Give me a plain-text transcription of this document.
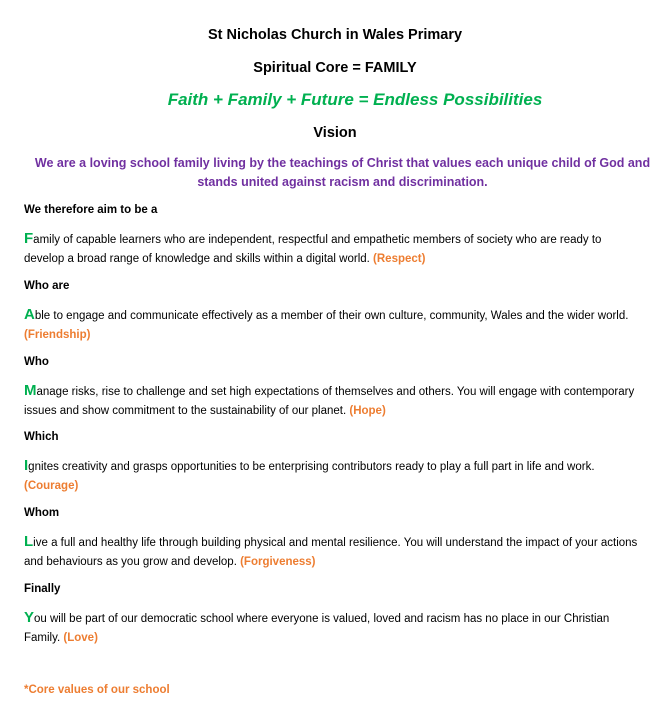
St Nicholas Church in Wales Primary
Spiritual Core = FAMILY
Faith + Family + Future = Endless Possibilities
Vision
We are a loving school family living by the teachings of Christ that values each unique child of God and stands united against racism and discrimination.
We therefore aim to be a
Family of capable learners who are independent, respectful and empathetic members of society who are ready to develop a broad range of knowledge and skills within a digital world. (Respect)
Who are
Able to engage and communicate effectively as a member of their own culture, community, Wales and the wider world. (Friendship)
Who
Manage risks, rise to challenge and set high expectations of themselves and others. You will engage with contemporary issues and show commitment to the sustainability of our planet. (Hope)
Which
Ignites creativity and grasps opportunities to be enterprising contributors ready to play a full part in life and work. (Courage)
Whom
Live a full and healthy life through building physical and mental resilience. You will understand the impact of your actions and behaviours as you grow and develop. (Forgiveness)
Finally
You will be part of our democratic school where everyone is valued, loved and racism has no place in our Christian Family. (Love)
*Core values of our school
